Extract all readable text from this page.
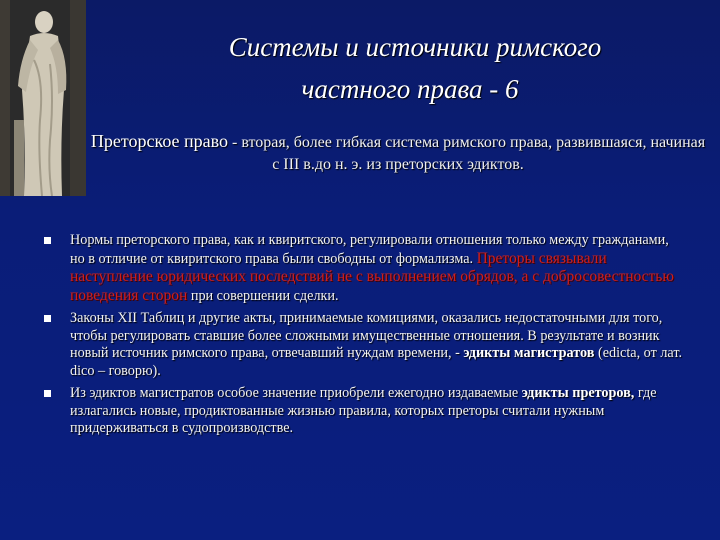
Системы и источники римского
частного права - 6
Преторское право - вторая, более гибкая система римского права, развившаяся, начиная с III в.до н. э. из преторских эдиктов.
Нормы преторского права, как и квиритского, регулировали отношения только между гражданами, но в отличие от квиритского права были свободны от формализма. Преторы связывали наступление юридических последствий не с выполнением обрядов, а с добросовестностью поведения сторон при совершении сделки.
Законы XII Таблиц и другие акты, принимаемые комициями, оказались недостаточными для того, чтобы регулировать ставшие более сложными имущественные отношения. В результате и возник новый источник римского права, отвечавший нуждам времени, - эдикты магистратов (edicta, от лат. dico – говорю).
Из эдиктов магистратов особое значение приобрели ежегодно издаваемые эдикты преторов, где излагались новые, продиктованные жизнью правила, которых преторы считали нужным придерживаться в судопроизводстве.
